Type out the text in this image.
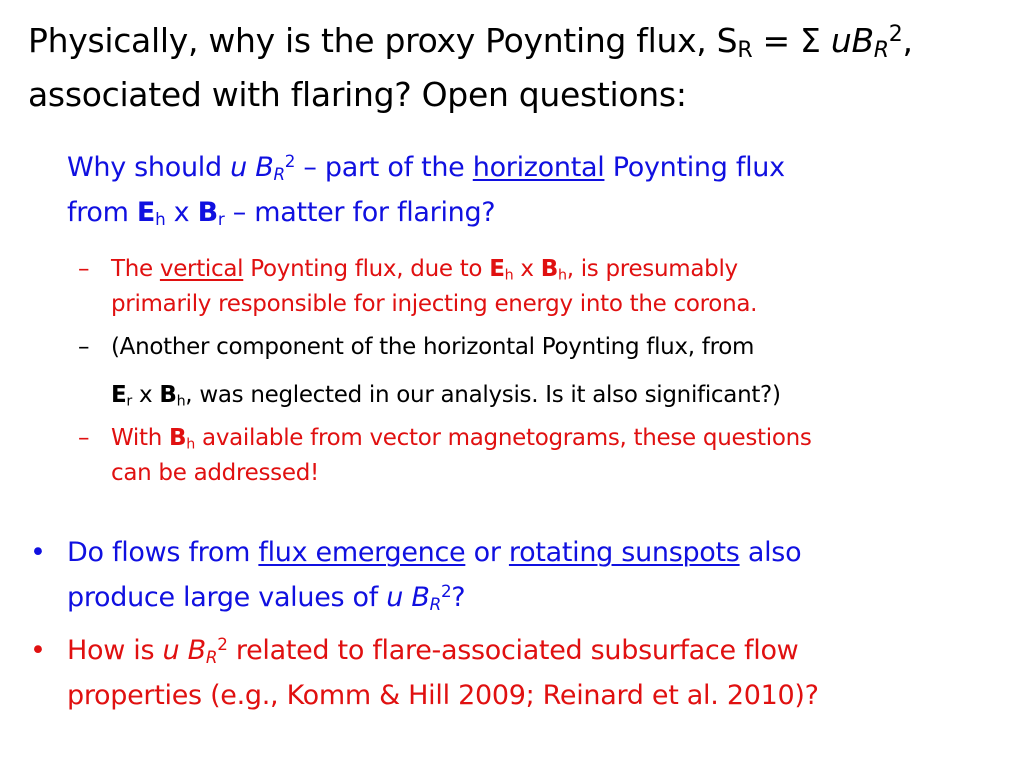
Physically, why is the proxy Poynting flux, $S_R = \Sigma$ $uB_R^2$,
associated with flaring? Open questions:
Why should u $B_R^2$ – part of the horizontal Poynting flux
from $E_h$ x $B_r$ – matter for flaring?
– The vertical Poynting flux, due to $E_h$ x $B_h$, is presumably
primarily responsible for injecting energy into the corona.
– (Another component of the horizontal Poynting flux, from
$E_r$ x $B_h$, was neglected in our analysis. Is it also significant?)
– With $B_h$ available from vector magnetograms, these questions
can be addressed!
• Do flows from flux emergence or rotating sunspots also
produce large values of u $B_R^2$?
• How is u $B_R^2$ related to flare-associated subsurface flow
properties (e.g., Komm & Hill 2009; Reinard et al. 2010)?
